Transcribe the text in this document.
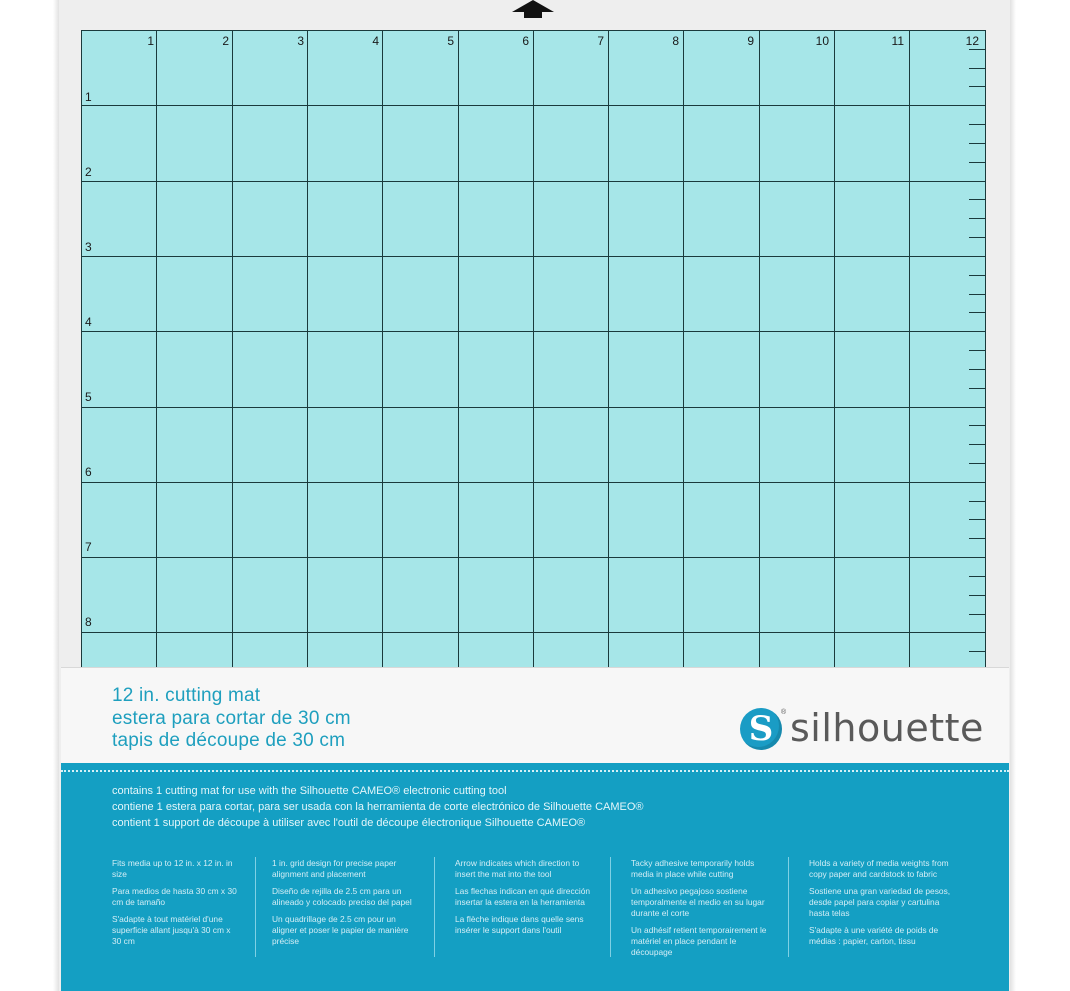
1	2	3	4	5	6	7	8	9	10	11	12
1
2
3
4
5
6
7
8
12 in. cutting mat
estera para cortar de 30 cm
tapis de découpe de 30 cm	S	® silhouette
contains 1 cutting mat for use with the Silhouette CAMEO® electronic cutting tool
contiene 1 estera para cortar, para ser usada con la herramienta de corte electrónico de Silhouette CAMEO®
contient 1 support de découpe à utiliser avec l'outil de découpe électronique Silhouette CAMEO®

Fits media up to 12 in. x 12 in. in size

Para medios de hasta 30 cm x 30 cm de tamaño

S'adapte à tout matériel d'une superficie allant jusqu'à 30 cm x 30 cm

1 in. grid design for precise paper alignment and placement

Diseño de rejilla de 2.5 cm para un alineado y colocado preciso del papel

Un quadrillage de 2.5 cm pour un aligner et poser le papier de manière précise

Arrow indicates which direction to insert the mat into the tool

Las flechas indican en qué dirección insertar la estera en la herramienta

La flèche indique dans quelle sens insérer le support dans l'outil

Tacky adhesive temporarily holds media in place while cutting

Un adhesivo pegajoso sostiene temporalmente el medio en su lugar durante el corte

Un adhésif retient temporairement le matériel en place pendant le découpage

Holds a variety of media weights from copy paper and cardstock to fabric

Sostiene una gran variedad de pesos, desde papel para copiar y cartulina hasta telas

S'adapte à une variété de poids de médias : papier, carton, tissu
